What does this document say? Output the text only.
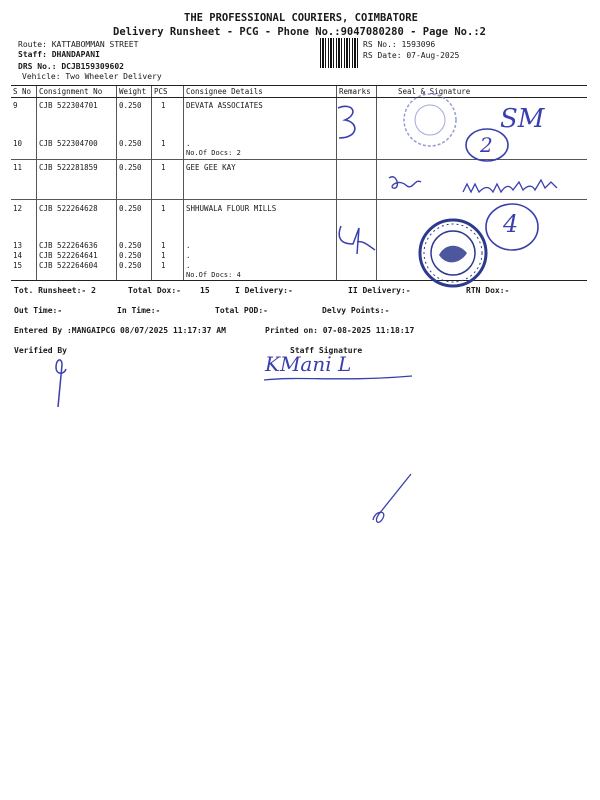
THE PROFESSIONAL COURIERS, COIMBATORE
Delivery Runsheet - PCG - Phone No.:9047080280 - Page No.:2
Route: KATTABOMMAN STREET
Staff: DHANDAPANI
DRS No.: DCJB159309602
Vehicle: Two Wheeler Delivery
RS No.: 1593096
RS Date: 07-Aug-2025
S No Consignment No Weight PCS Consignee Details	Remarks	Seal & Signature
9	CJB 522304701	0.250	1	DEVATA ASSOCIATES
10 CJB 522304700	0.250	1	.
No.Of Docs: 2
11 CJB 522281859	0.250	1	GEE GEE KAY
12 CJB 522264628	0.250	1	SHHUWALA FLOUR MILLS
13 CJB 522264636	0.250	1	.
14 CJB 522264641	0.250	1	.
15 CJB 522264604	0.250	1	.
No.Of Docs: 4
SM
2
4
Tot. Runsheet:- 2	Total Dox:- 15	I Delivery:-	II Delivery:-	RTN Dox:-
Out Time:-	In Time:-	Total POD:-	Delvy Points:-
Entered By :MANGAIPCG 08/07/2025 11:17:37 AM	Printed on: 07-08-2025 11:18:17
Verified By	Staff Signature
KMani L
